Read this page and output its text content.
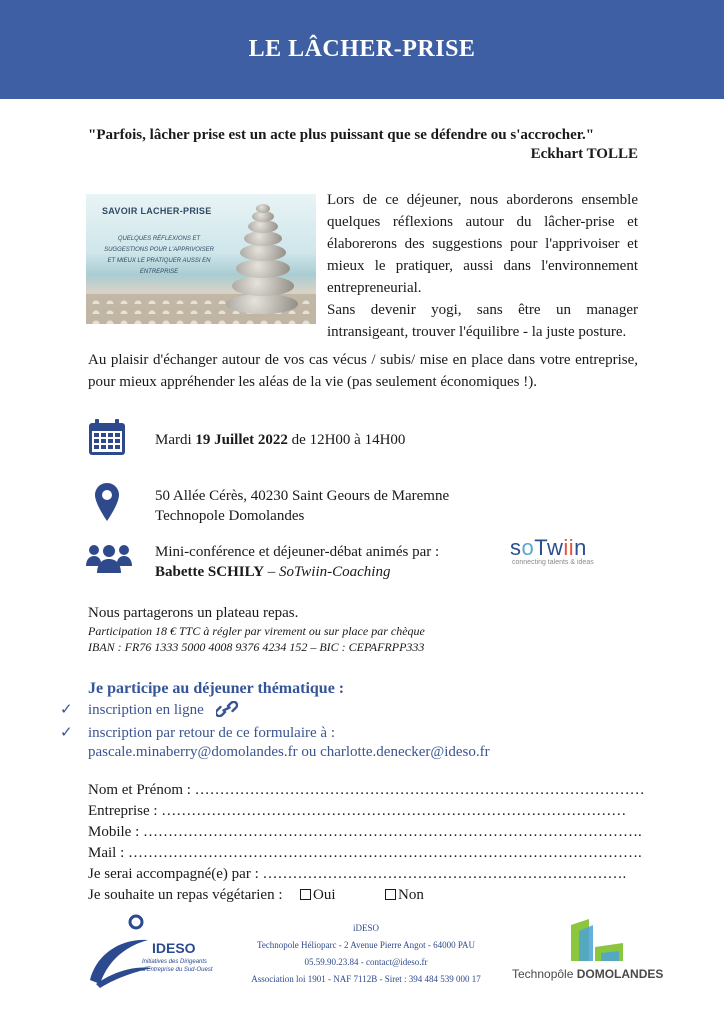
LE LÂCHER-PRISE
"Parfois, lâcher prise est un acte plus puissant que se défendre ou s'accrocher."
Eckhart TOLLE
SAVOIR LACHER-PRISE
QUELQUES RÉFLEXIONS ET SUGGESTIONS POUR L'APPRIVOISER ET MIEUX LE PRATIQUER AUSSI EN ENTREPRISE

Lors de ce déjeuner, nous aborderons ensemble quelques réflexions autour du lâcher-prise et élaborerons des suggestions pour l'apprivoiser et mieux le pratiquer, aussi dans l'environnement entrepreneurial.

Sans devenir yogi, sans être un manager intransigeant, trouver l'équilibre - la juste posture.

Au plaisir d'échanger autour de vos cas vécus / subis/ mise en place dans votre entreprise, pour mieux appréhender les aléas de la vie (pas seulement économiques !).
Mardi 19 Juillet 2022 de 12H00 à 14H00
50 Allée Cérès, 40230 Saint Geours de Maremne
Technopole Domolandes
Mini-conférence et déjeuner-débat animés par :
Babette SCHILY – SoTwiin-Coaching
soTwiin
connecting talents & ideas
Nous partagerons un plateau repas.
Participation 18 € TTC à régler par virement ou sur place par chèque
IBAN : FR76 1333 5000 4008 9376 4234 152 – BIC : CEPAFRPP333
Je participe au déjeuner thématique :
✓ inscription en ligne
✓ inscription par retour de ce formulaire à :
pascale.minaberry@domolandes.fr ou charlotte.denecker@ideso.fr
Nom et Prénom : ………………………………………………………………………………
Entreprise : …………………………………………………………………………………
Mobile : ……………………………………………………………………………………….
Mail : ………………………………………………………………………………………….
Je serai accompagné(e) par : ……………………………………………………………….
Je souhaite un repas végétarien : Oui	Non
IDESO
Initiatives des Dirigeants d'Entreprise du Sud-Ouest
iDESO
Technopole Hélioparc - 2 Avenue Pierre Angot - 64000 PAU
05.59.90.23.84 - contact@ideso.fr
Association loi 1901 - NAF 7112B - Siret : 394 484 539 000 17	Technopôle DOMOLANDES
